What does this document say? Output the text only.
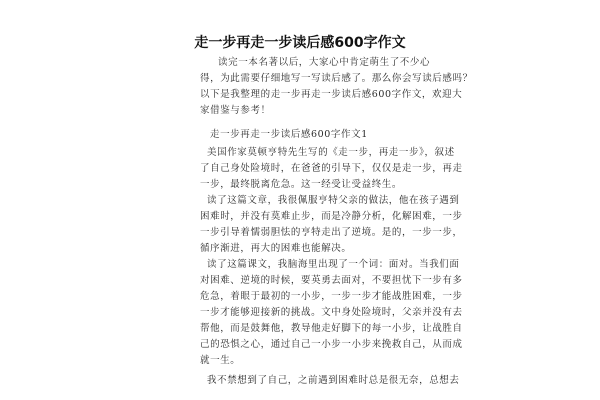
走一步再走一步读后感600字作文
读完一本名著以后，大家心中肯定萌生了不少心
得，为此需要仔细地写一写读后感了。那么你会写读后感吗？
以下是我整理的走一步再走一步读后感600字作文，欢迎大
家借鉴与参考！
走一步再走一步读后感600字作文1
美国作家莫顿亨特先生写的《走一步，再走一步》，叙述
了自己身处险境时，在爸爸的引导下，仅仅是走一步，再走
一步，最终脱离危急。这一经受让受益终生。
读了这篇文章，我很佩服亨特父亲的做法，他在孩子遇到
困难时，并没有莫难止步，而是冷静分析，化解困难，一步
一步引导着懦弱胆怯的亨特走出了逆境。是的，一步一步，
循序渐进，再大的困难也能解决。
读了这篇课文，我脑海里出现了一个词：面对。当我们面
对困难、逆境的时候，要英勇去面对，不要担忧下一步有多
危急，着眼于最初的一小步，一步一步才能战胜困难，一步
一步才能够迎接新的挑战。文中身处险境时，父亲并没有去
帮他，而是鼓舞他，教导他走好脚下的每一小步，让战胜自
己的恐惧之心，通过自己一小步一小步来挽救自己，从而成
就一生。
我不禁想到了自己，之前遇到困难时总是很无奈，总想去
